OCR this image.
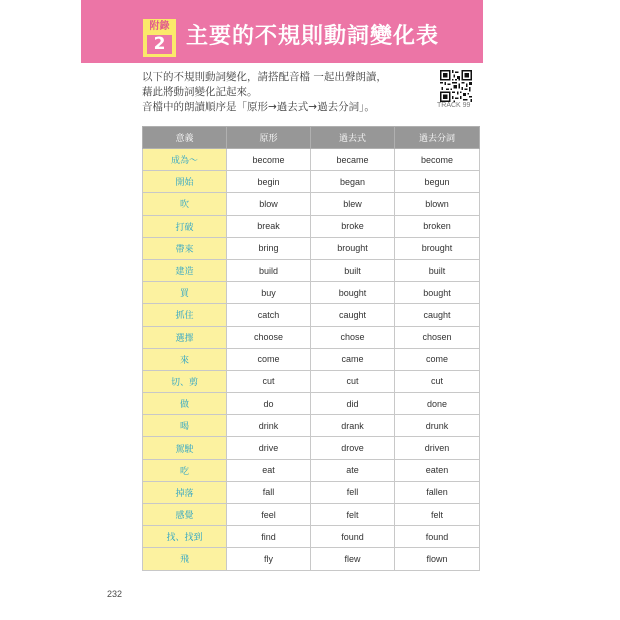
附錄
2 主要的不規則動詞變化表

以下的不規則動詞變化，請搭配音檔 一起出聲朗讀，

藉此將動詞變化記起來。

音檔中的朗讀順序是「原形→過去式→過去分詞」。	TRACK 99
意義	原形	過去式	過去分詞
成為～	become	became	become
開始	begin	began	begun
吹	blow	blew	blown
打破	break	broke	broken
帶來	bring	brought	brought
建造	build	built	built
買	buy	bought	bought
抓住	catch	caught	caught
選擇	choose	chose	chosen
來	come	came	come
切、剪	cut	cut	cut
做	do	did	done
喝	drink	drank	drunk
駕駛	drive	drove	driven
吃	eat	ate	eaten
掉落	fall	fell	fallen
感覺	feel	felt	felt
找、找到	find	found	found
飛	fly	flew	flown
232
